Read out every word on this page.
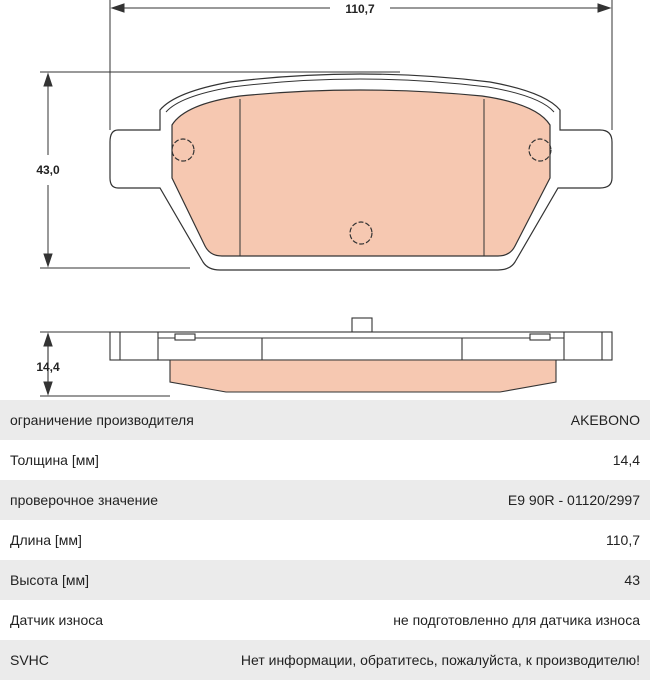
110,7
43,0
14,4
ограничение производителя	AKEBONO
Толщина [мм]	14,4
проверочное значение	E9 90R - 01120/2997
Длина [мм]	110,7
Высота [мм]	43
Датчик износа	не подготовленно для датчика износа
SVHC	Нет информации, обратитесь, пожалуйста, к производителю!
